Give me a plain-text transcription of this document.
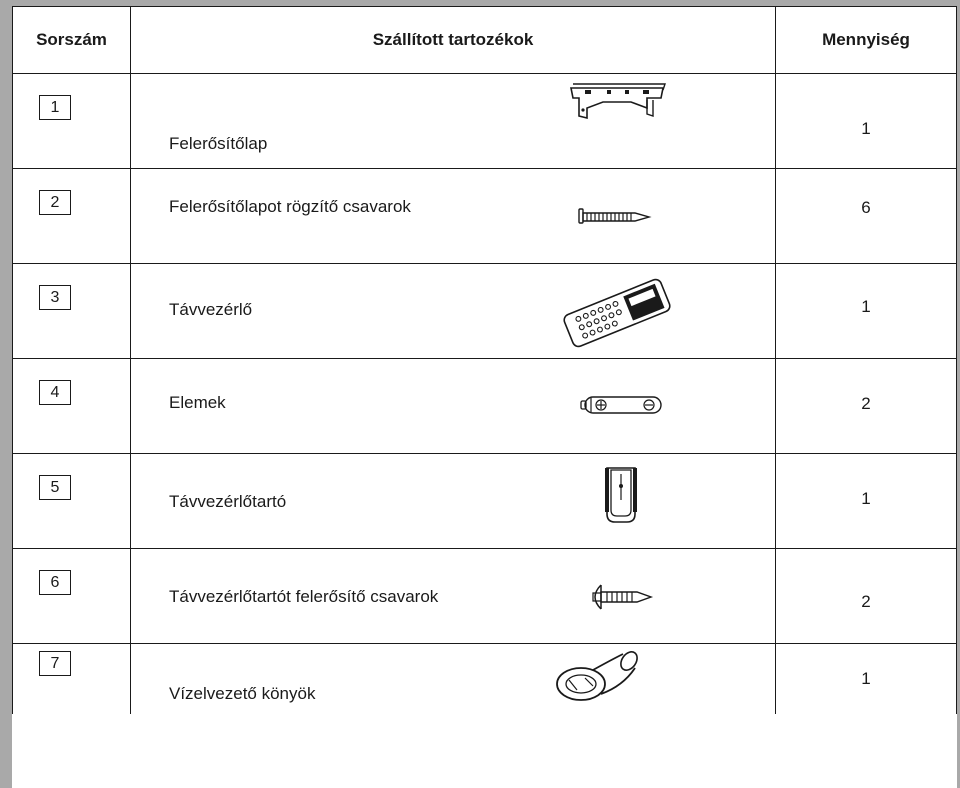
Sorszám	Szállított tartozékok	Mennyiség
1	Felerősítőlap	1

2	Felerősítőlapot rögzítő csavarok	6

3	Távvezérlő	1

4	Elemek	2

5	Távvezérlőtartó	1

6	Távvezérlőtartót felerősítő csavarok	2

7	Vízelvezető könyök	1
